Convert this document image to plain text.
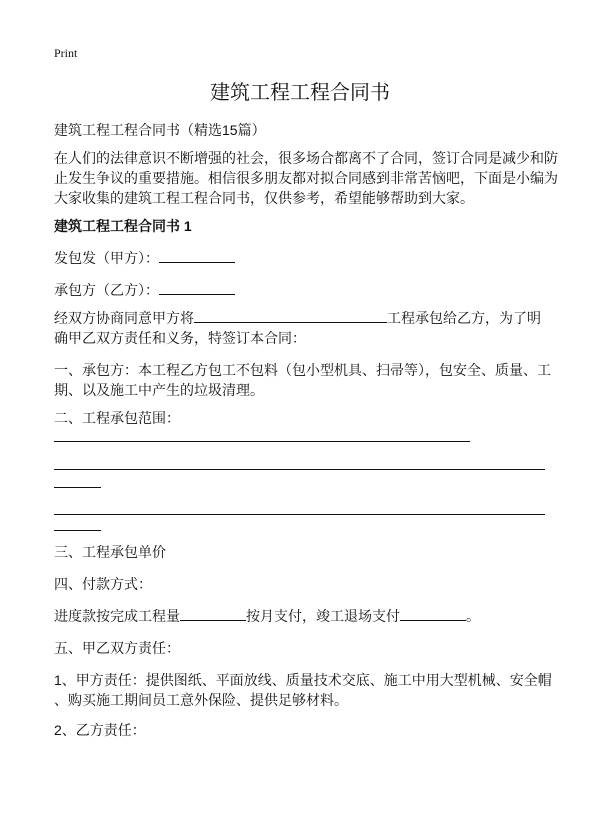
Print
建筑工程工程合同书
建筑工程工程合同书（精选15篇）
在人们的法律意识不断增强的社会，很多场合都离不了合同，签订合同是减少和防
止发生争议的重要措施。相信很多朋友都对拟合同感到非常苦恼吧，下面是小编为
大家收集的建筑工程工程合同书，仅供参考，希望能够帮助到大家。
建筑工程工程合同书 1
发包发（甲方）：
承包方（乙方）：
经双方协商同意甲方将	工程承包给乙方，为了明
确甲乙双方责任和义务，特签订本合同：
一、承包方：本工程乙方包工不包料（包小型机具、扫帚等），包安全、质量、工
期、以及施工中产生的垃圾清理。
二、工程承包范围：
三、工程承包单价
四、付款方式：
进度款按完成工程量	按月支付，竣工退场支付	。
五、甲乙双方责任：
1、甲方责任：提供图纸、平面放线、质量技术交底、施工中用大型机械、安全帽
、购买施工期间员工意外保险、提供足够材料。
2、乙方责任：
